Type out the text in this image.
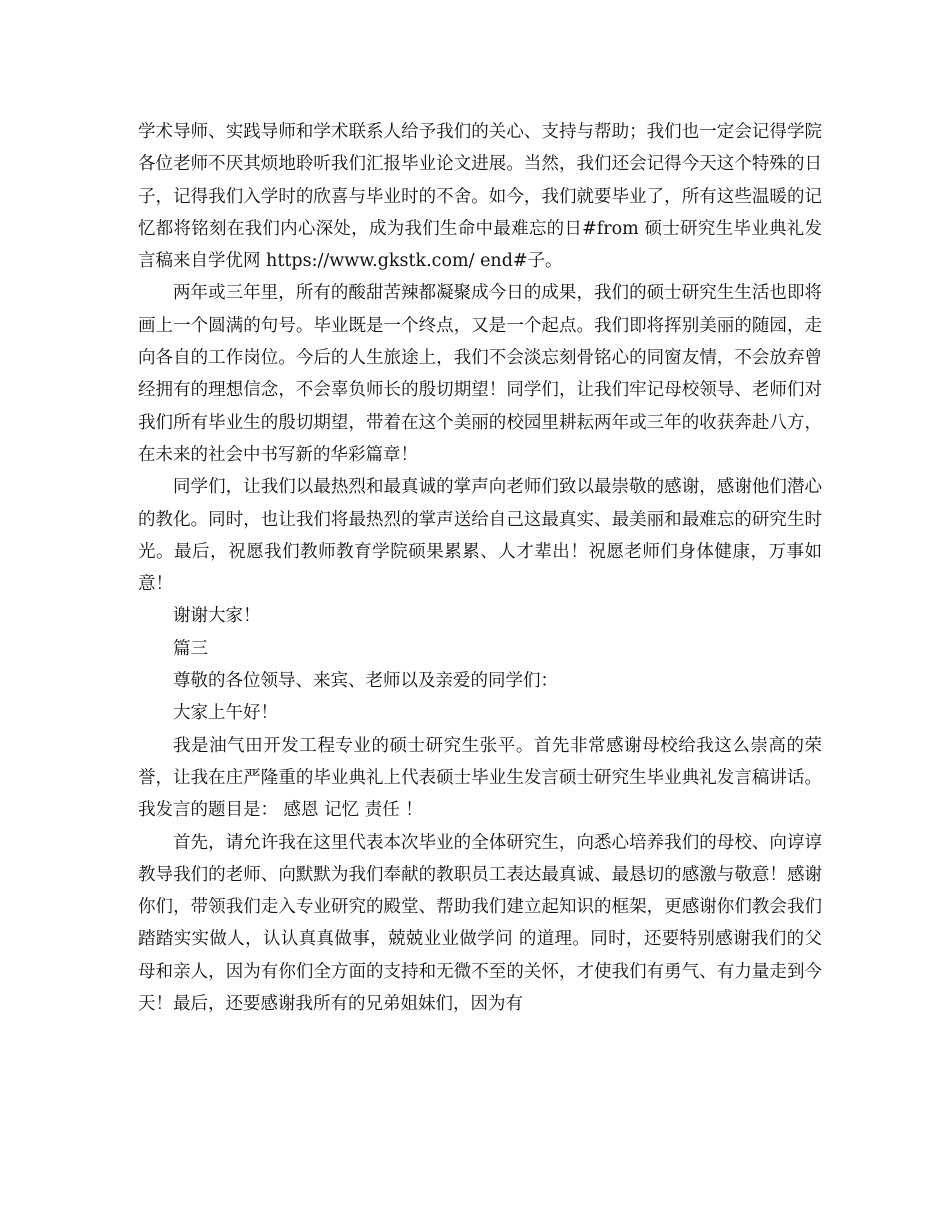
学术导师、实践导师和学术联系人给予我们的关心、支持与帮助；我们也一定会记得学院各位老师不厌其烦地聆听我们汇报毕业论文进展。当然，我们还会记得今天这个特殊的日子，记得我们入学时的欣喜与毕业时的不舍。如今，我们就要毕业了，所有这些温暖的记忆都将铭刻在我们内心深处，成为我们生命中最难忘的日#from 硕士研究生毕业典礼发言稿来自学优网 https://www.gkstk.com/ end#子。

两年或三年里，所有的酸甜苦辣都凝聚成今日的成果，我们的硕士研究生生活也即将画上一个圆满的句号。毕业既是一个终点，又是一个起点。我们即将挥别美丽的随园，走向各自的工作岗位。今后的人生旅途上，我们不会淡忘刻骨铭心的同窗友情，不会放弃曾经拥有的理想信念，不会辜负师长的殷切期望！同学们，让我们牢记母校领导、老师们对我们所有毕业生的殷切期望，带着在这个美丽的校园里耕耘两年或三年的收获奔赴八方，在未来的社会中书写新的华彩篇章！

同学们，让我们以最热烈和最真诚的掌声向老师们致以最崇敬的感谢，感谢他们潜心的教化。同时，也让我们将最热烈的掌声送给自己这最真实、最美丽和最难忘的研究生时光。最后，祝愿我们教师教育学院硕果累累、人才辈出！祝愿老师们身体健康，万事如意！

谢谢大家！

篇三

尊敬的各位领导、来宾、老师以及亲爱的同学们：

大家上午好！

我是油气田开发工程专业的硕士研究生张平。首先非常感谢母校给我这么崇高的荣誉，让我在庄严隆重的毕业典礼上代表硕士毕业生发言硕士研究生毕业典礼发言稿讲话。我发言的题目是： 感恩 记忆 责任 ！

首先，请允许我在这里代表本次毕业的全体研究生，向悉心培养我们的母校、向谆谆教导我们的老师、向默默为我们奉献的教职员工表达最真诚、最恳切的感激与敬意！感谢你们，带领我们走入专业研究的殿堂、帮助我们建立起知识的框架，更感谢你们教会我们 踏踏实实做人，认认真真做事，兢兢业业做学问 的道理。同时，还要特别感谢我们的父母和亲人，因为有你们全方面的支持和无微不至的关怀，才使我们有勇气、有力量走到今天！最后，还要感谢我所有的兄弟姐妹们，因为有
